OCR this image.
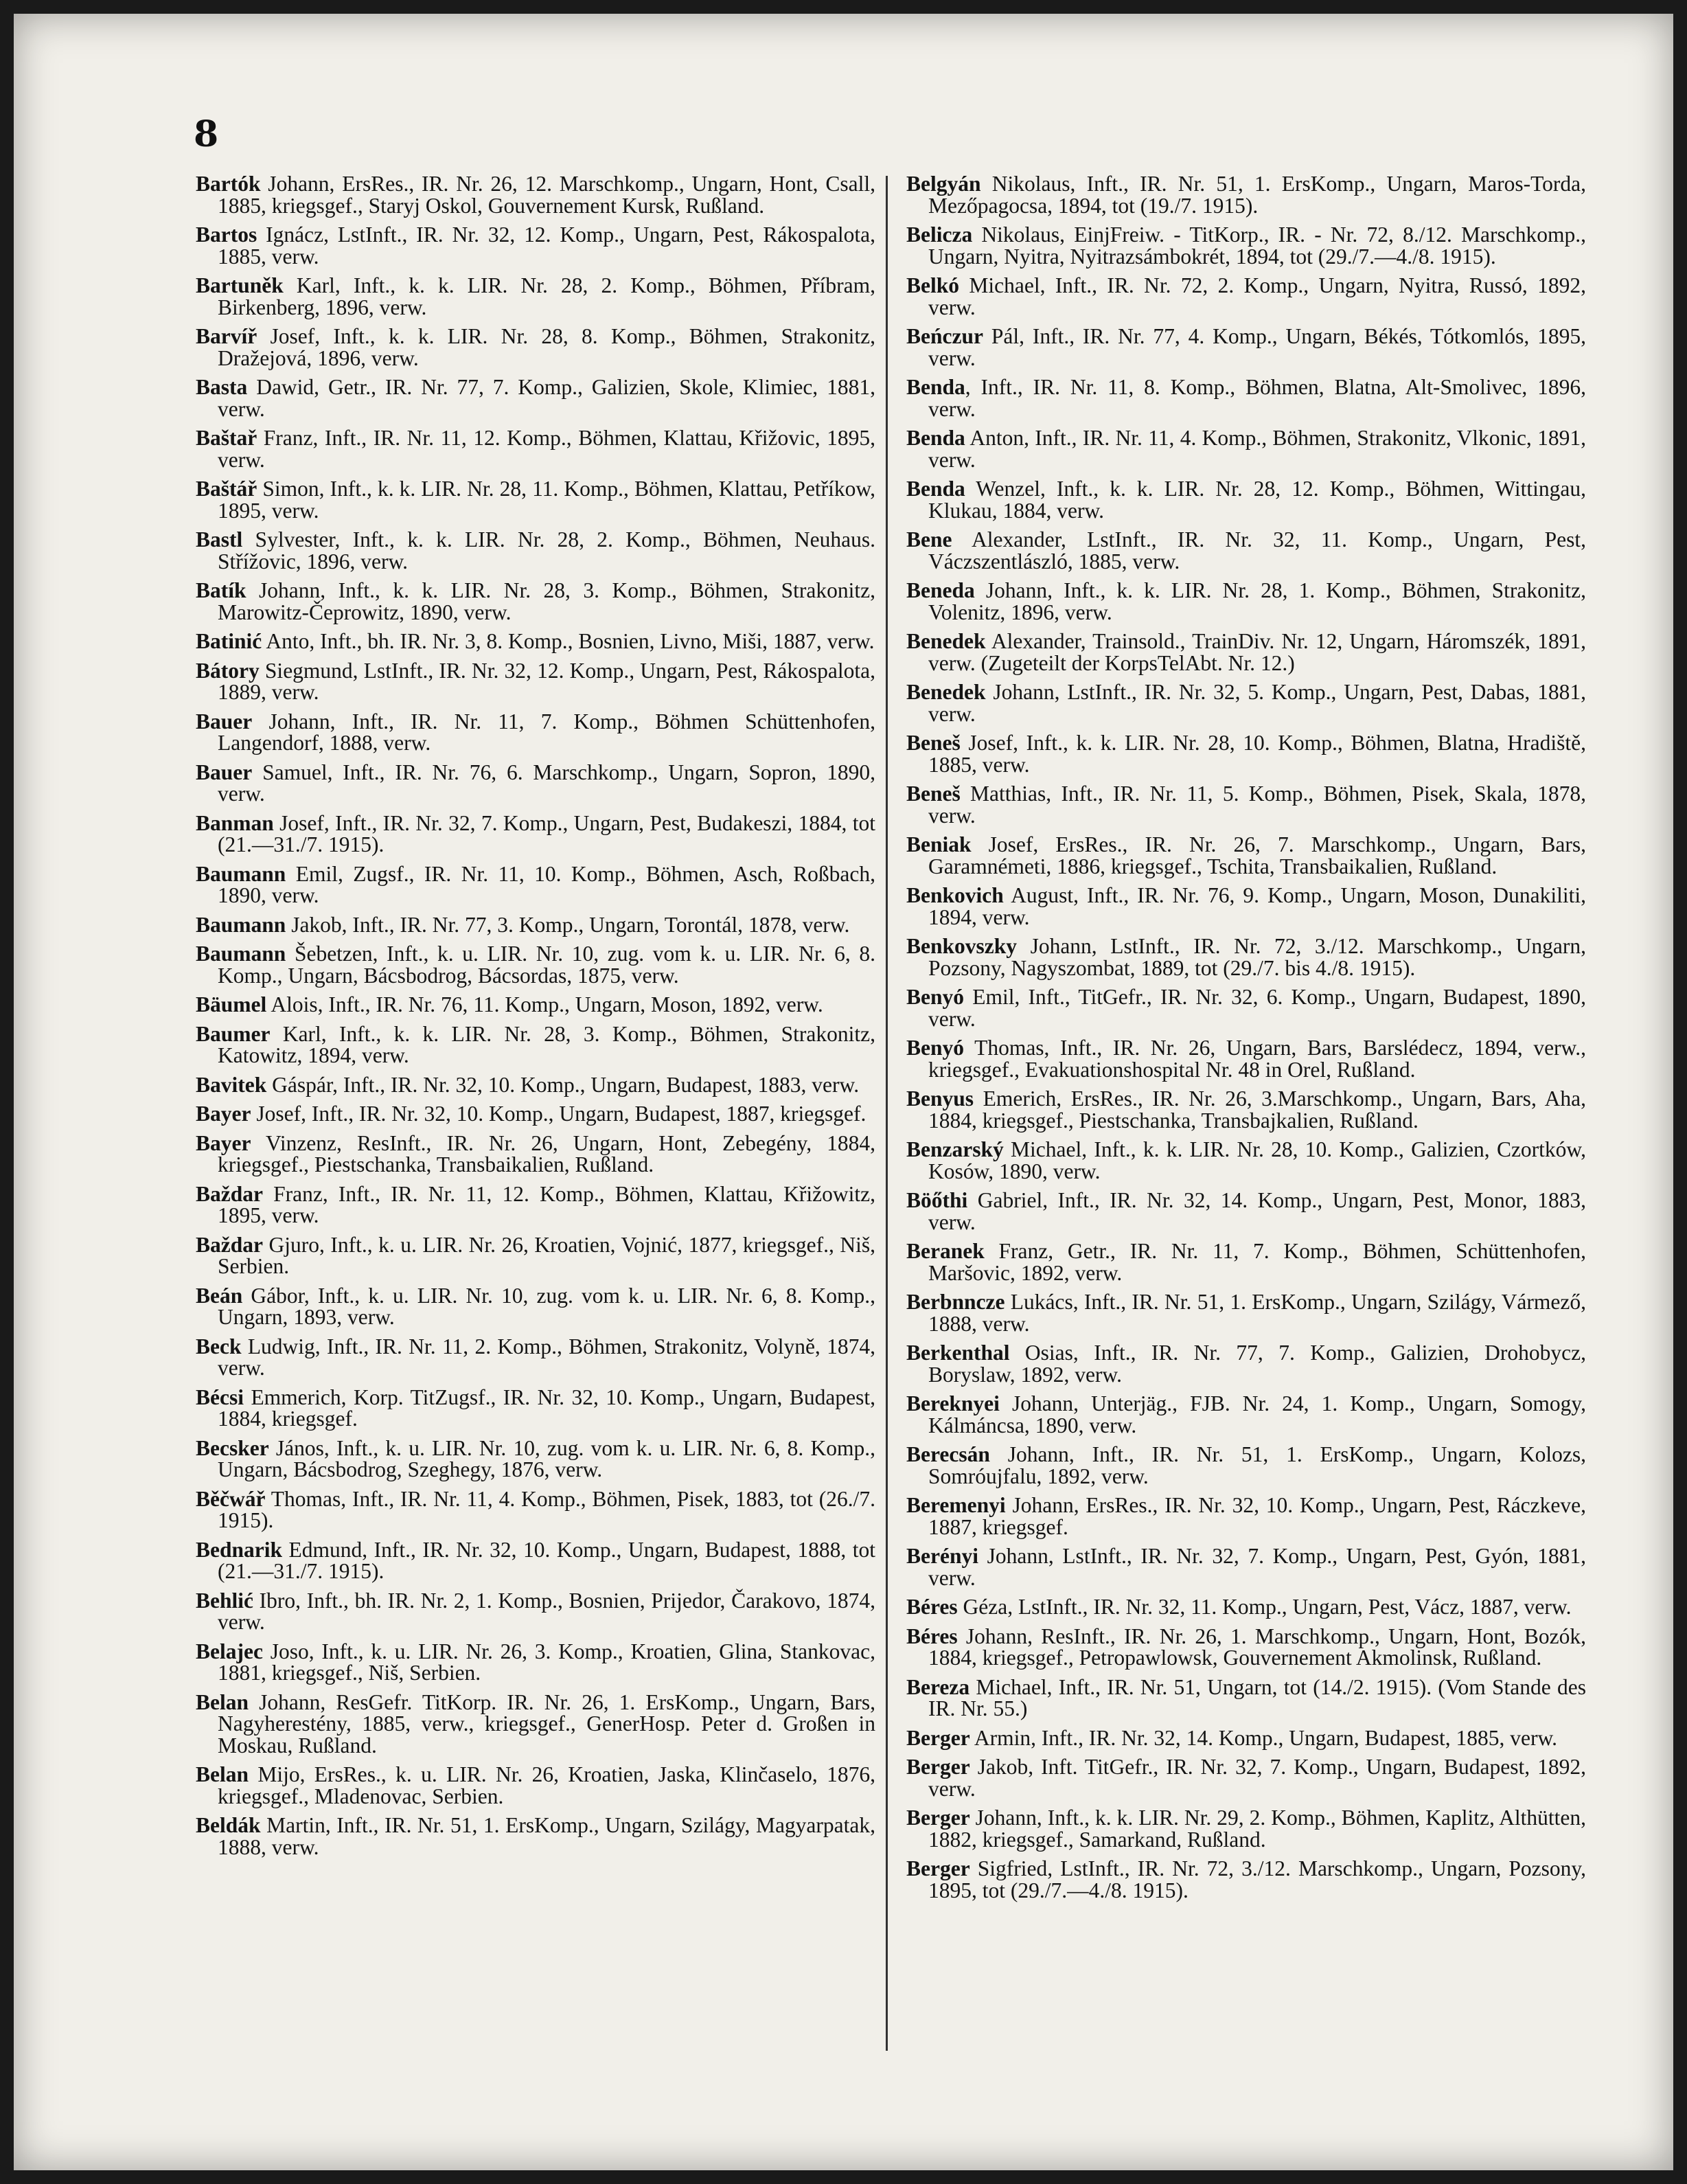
8

Bartók Johann, ErsRes., IR. Nr. 26, 12. Marschkomp., Ungarn, Hont, Csall, 1885, kriegsgef., Staryj Oskol, Gouvernement Kursk, Rußland.

Bartos Ignácz, LstInft., IR. Nr. 32, 12. Komp., Ungarn, Pest, Rákospalota, 1885, verw.

Bartuněk Karl, Inft., k. k. LIR. Nr. 28, 2. Komp., Böhmen, Příbram, Birkenberg, 1896, verw.

Barvíř Josef, Inft., k. k. LIR. Nr. 28, 8. Komp., Böhmen, Strakonitz, Dražejová, 1896, verw.

Basta Dawid, Getr., IR. Nr. 77, 7. Komp., Galizien, Skole, Klimiec, 1881, verw.

Baštař Franz, Inft., IR. Nr. 11, 12. Komp., Böhmen, Klattau, Křižovic, 1895, verw.

Baštář Simon, Inft., k. k. LIR. Nr. 28, 11. Komp., Böhmen, Klattau, Petříkow, 1895, verw.

Bastl Sylvester, Inft., k. k. LIR. Nr. 28, 2. Komp., Böhmen, Neuhaus. Střížovic, 1896, verw.

Batík Johann, Inft., k. k. LIR. Nr. 28, 3. Komp., Böhmen, Strakonitz, Marowitz-Čeprowitz, 1890, verw.

Batinić Anto, Inft., bh. IR. Nr. 3, 8. Komp., Bosnien, Livno, Miši, 1887, verw.

Bátory Siegmund, LstInft., IR. Nr. 32, 12. Komp., Ungarn, Pest, Rákospalota, 1889, verw.

Bauer Johann, Inft., IR. Nr. 11, 7. Komp., Böhmen Schüttenhofen, Langendorf, 1888, verw.

Bauer Samuel, Inft., IR. Nr. 76, 6. Marschkomp., Ungarn, Sopron, 1890, verw.

Banman Josef, Inft., IR. Nr. 32, 7. Komp., Ungarn, Pest, Budakeszi, 1884, tot (21.—31./7. 1915).

Baumann Emil, Zugsf., IR. Nr. 11, 10. Komp., Böhmen, Asch, Roßbach, 1890, verw.

Baumann Jakob, Inft., IR. Nr. 77, 3. Komp., Ungarn, Torontál, 1878, verw.

Baumann Šebetzen, Inft., k. u. LIR. Nr. 10, zug. vom k. u. LIR. Nr. 6, 8. Komp., Ungarn, Bácsbodrog, Bácsordas, 1875, verw.

Bäumel Alois, Inft., IR. Nr. 76, 11. Komp., Ungarn, Moson, 1892, verw.

Baumer Karl, Inft., k. k. LIR. Nr. 28, 3. Komp., Böhmen, Strakonitz, Katowitz, 1894, verw.

Bavitek Gáspár, Inft., IR. Nr. 32, 10. Komp., Ungarn, Budapest, 1883, verw.

Bayer Josef, Inft., IR. Nr. 32, 10. Komp., Ungarn, Budapest, 1887, kriegsgef.

Bayer Vinzenz, ResInft., IR. Nr. 26, Ungarn, Hont, Zebegény, 1884, kriegsgef., Piestschanka, Transbaikalien, Rußland.

Baždar Franz, Inft., IR. Nr. 11, 12. Komp., Böhmen, Klattau, Křižowitz, 1895, verw.

Baždar Gjuro, Inft., k. u. LIR. Nr. 26, Kroatien, Vojnić, 1877, kriegsgef., Niš, Serbien.

Beán Gábor, Inft., k. u. LIR. Nr. 10, zug. vom k. u. LIR. Nr. 6, 8. Komp., Ungarn, 1893, verw.

Beck Ludwig, Inft., IR. Nr. 11, 2. Komp., Böhmen, Strakonitz, Volyně, 1874, verw.

Bécsi Emmerich, Korp. TitZugsf., IR. Nr. 32, 10. Komp., Ungarn, Budapest, 1884, kriegsgef.

Becsker János, Inft., k. u. LIR. Nr. 10, zug. vom k. u. LIR. Nr. 6, 8. Komp., Ungarn, Bácsbodrog, Szeghegy, 1876, verw.

Běčwář Thomas, Inft., IR. Nr. 11, 4. Komp., Böhmen, Pisek, 1883, tot (26./7. 1915).

Bednarik Edmund, Inft., IR. Nr. 32, 10. Komp., Ungarn, Budapest, 1888, tot (21.—31./7. 1915).

Behlić Ibro, Inft., bh. IR. Nr. 2, 1. Komp., Bosnien, Prijedor, Čarakovo, 1874, verw.

Belajec Joso, Inft., k. u. LIR. Nr. 26, 3. Komp., Kroatien, Glina, Stankovac, 1881, kriegsgef., Niš, Serbien.

Belan Johann, ResGefr. TitKorp. IR. Nr. 26, 1. ErsKomp., Ungarn, Bars, Nagyherestény, 1885, verw., kriegsgef., GenerHosp. Peter d. Großen in Moskau, Rußland.

Belan Mijo, ErsRes., k. u. LIR. Nr. 26, Kroatien, Jaska, Klinčaselo, 1876, kriegsgef., Mladenovac, Serbien.

Beldák Martin, Inft., IR. Nr. 51, 1. ErsKomp., Ungarn, Szilágy, Magyarpatak, 1888, verw.

Belgyán Nikolaus, Inft., IR. Nr. 51, 1. ErsKomp., Ungarn, Maros-Torda, Mezőpagocsa, 1894, tot (19./7. 1915).

Belicza Nikolaus, EinjFreiw. - TitKorp., IR. - Nr. 72, 8./12. Marschkomp., Ungarn, Nyitra, Nyitrazsámbokrét, 1894, tot (29./7.—4./8. 1915).

Belkó Michael, Inft., IR. Nr. 72, 2. Komp., Ungarn, Nyitra, Russó, 1892, verw.

Beńczur Pál, Inft., IR. Nr. 77, 4. Komp., Ungarn, Békés, Tótkomlós, 1895, verw.

Benda, Inft., IR. Nr. 11, 8. Komp., Böhmen, Blatna, Alt-Smolivec, 1896, verw.

Benda Anton, Inft., IR. Nr. 11, 4. Komp., Böhmen, Strakonitz, Vlkonic, 1891, verw.

Benda Wenzel, Inft., k. k. LIR. Nr. 28, 12. Komp., Böhmen, Wittingau, Klukau, 1884, verw.

Bene Alexander, LstInft., IR. Nr. 32, 11. Komp., Ungarn, Pest, Váczszentlászló, 1885, verw.

Beneda Johann, Inft., k. k. LIR. Nr. 28, 1. Komp., Böhmen, Strakonitz, Volenitz, 1896, verw.

Benedek Alexander, Trainsold., TrainDiv. Nr. 12, Ungarn, Háromszék, 1891, verw. (Zugeteilt der KorpsTelAbt. Nr. 12.)

Benedek Johann, LstInft., IR. Nr. 32, 5. Komp., Ungarn, Pest, Dabas, 1881, verw.

Beneš Josef, Inft., k. k. LIR. Nr. 28, 10. Komp., Böhmen, Blatna, Hradiště, 1885, verw.

Beneš Matthias, Inft., IR. Nr. 11, 5. Komp., Böhmen, Pisek, Skala, 1878, verw.

Beniak Josef, ErsRes., IR. Nr. 26, 7. Marschkomp., Ungarn, Bars, Garamnémeti, 1886, kriegsgef., Tschita, Transbaikalien, Rußland.

Benkovich August, Inft., IR. Nr. 76, 9. Komp., Ungarn, Moson, Dunakiliti, 1894, verw.

Benkovszky Johann, LstInft., IR. Nr. 72, 3./12. Marschkomp., Ungarn, Pozsony, Nagyszombat, 1889, tot (29./7. bis 4./8. 1915).

Benyó Emil, Inft., TitGefr., IR. Nr. 32, 6. Komp., Ungarn, Budapest, 1890, verw.

Benyó Thomas, Inft., IR. Nr. 26, Ungarn, Bars, Barslédecz, 1894, verw., kriegsgef., Evakuationshospital Nr. 48 in Orel, Rußland.

Benyus Emerich, ErsRes., IR. Nr. 26, 3.Marschkomp., Ungarn, Bars, Aha, 1884, kriegsgef., Piestschanka, Transbajkalien, Rußland.

Benzarský Michael, Inft., k. k. LIR. Nr. 28, 10. Komp., Galizien, Czortków, Kosów, 1890, verw.

Böőthi Gabriel, Inft., IR. Nr. 32, 14. Komp., Ungarn, Pest, Monor, 1883, verw.

Beranek Franz, Getr., IR. Nr. 11, 7. Komp., Böhmen, Schüttenhofen, Maršovic, 1892, verw.

Berbnncze Lukács, Inft., IR. Nr. 51, 1. ErsKomp., Ungarn, Szilágy, Vármező, 1888, verw.

Berkenthal Osias, Inft., IR. Nr. 77, 7. Komp., Galizien, Drohobycz, Boryslaw, 1892, verw.

Bereknyei Johann, Unterjäg., FJB. Nr. 24, 1. Komp., Ungarn, Somogy, Kálmáncsa, 1890, verw.

Berecsán Johann, Inft., IR. Nr. 51, 1. ErsKomp., Ungarn, Kolozs, Somróujfalu, 1892, verw.

Beremenyi Johann, ErsRes., IR. Nr. 32, 10. Komp., Ungarn, Pest, Ráczkeve, 1887, kriegsgef.

Berényi Johann, LstInft., IR. Nr. 32, 7. Komp., Ungarn, Pest, Gyón, 1881, verw.

Béres Géza, LstInft., IR. Nr. 32, 11. Komp., Ungarn, Pest, Vácz, 1887, verw.

Béres Johann, ResInft., IR. Nr. 26, 1. Marschkomp., Ungarn, Hont, Bozók, 1884, kriegsgef., Petropawlowsk, Gouvernement Akmolinsk, Rußland.

Bereza Michael, Inft., IR. Nr. 51, Ungarn, tot (14./2. 1915). (Vom Stande des IR. Nr. 55.)

Berger Armin, Inft., IR. Nr. 32, 14. Komp., Ungarn, Budapest, 1885, verw.

Berger Jakob, Inft. TitGefr., IR. Nr. 32, 7. Komp., Ungarn, Budapest, 1892, verw.

Berger Johann, Inft., k. k. LIR. Nr. 29, 2. Komp., Böhmen, Kaplitz, Althütten, 1882, kriegsgef., Samarkand, Rußland.

Berger Sigfried, LstInft., IR. Nr. 72, 3./12. Marschkomp., Ungarn, Pozsony, 1895, tot (29./7.—4./8. 1915).
